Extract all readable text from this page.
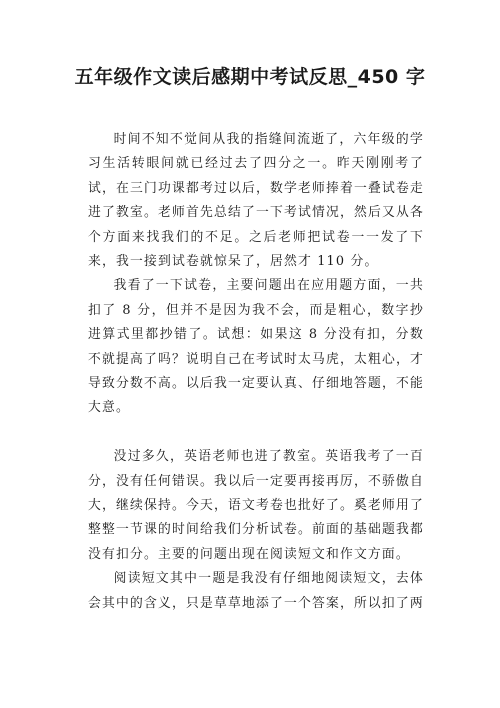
五年级作文读后感期中考试反思_450 字

时间不知不觉间从我的指缝间流逝了，六年级的学习生活转眼间就已经过去了四分之一。昨天刚刚考了试，在三门功课都考过以后，数学老师捧着一叠试卷走进了教室。老师首先总结了一下考试情况，然后又从各个方面来找我们的不足。之后老师把试卷一一发了下来，我一接到试卷就惊呆了，居然才 110 分。

我看了一下试卷，主要问题出在应用题方面，一共扣了 8 分，但并不是因为我不会，而是粗心，数字抄进算式里都抄错了。试想：如果这 8 分没有扣，分数不就提高了吗？说明自己在考试时太马虎，太粗心，才导致分数不高。以后我一定要认真、仔细地答题，不能大意。

没过多久，英语老师也进了教室。英语我考了一百分，没有任何错误。我以后一定要再接再厉，不骄傲自大，继续保持。今天，语文考卷也批好了。奚老师用了整整一节课的时间给我们分析试卷。前面的基础题我都没有扣分。主要的问题出现在阅读短文和作文方面。

阅读短文其中一题是我没有仔细地阅读短文，去体会其中的含义，只是草草地添了一个答案，所以扣了两
